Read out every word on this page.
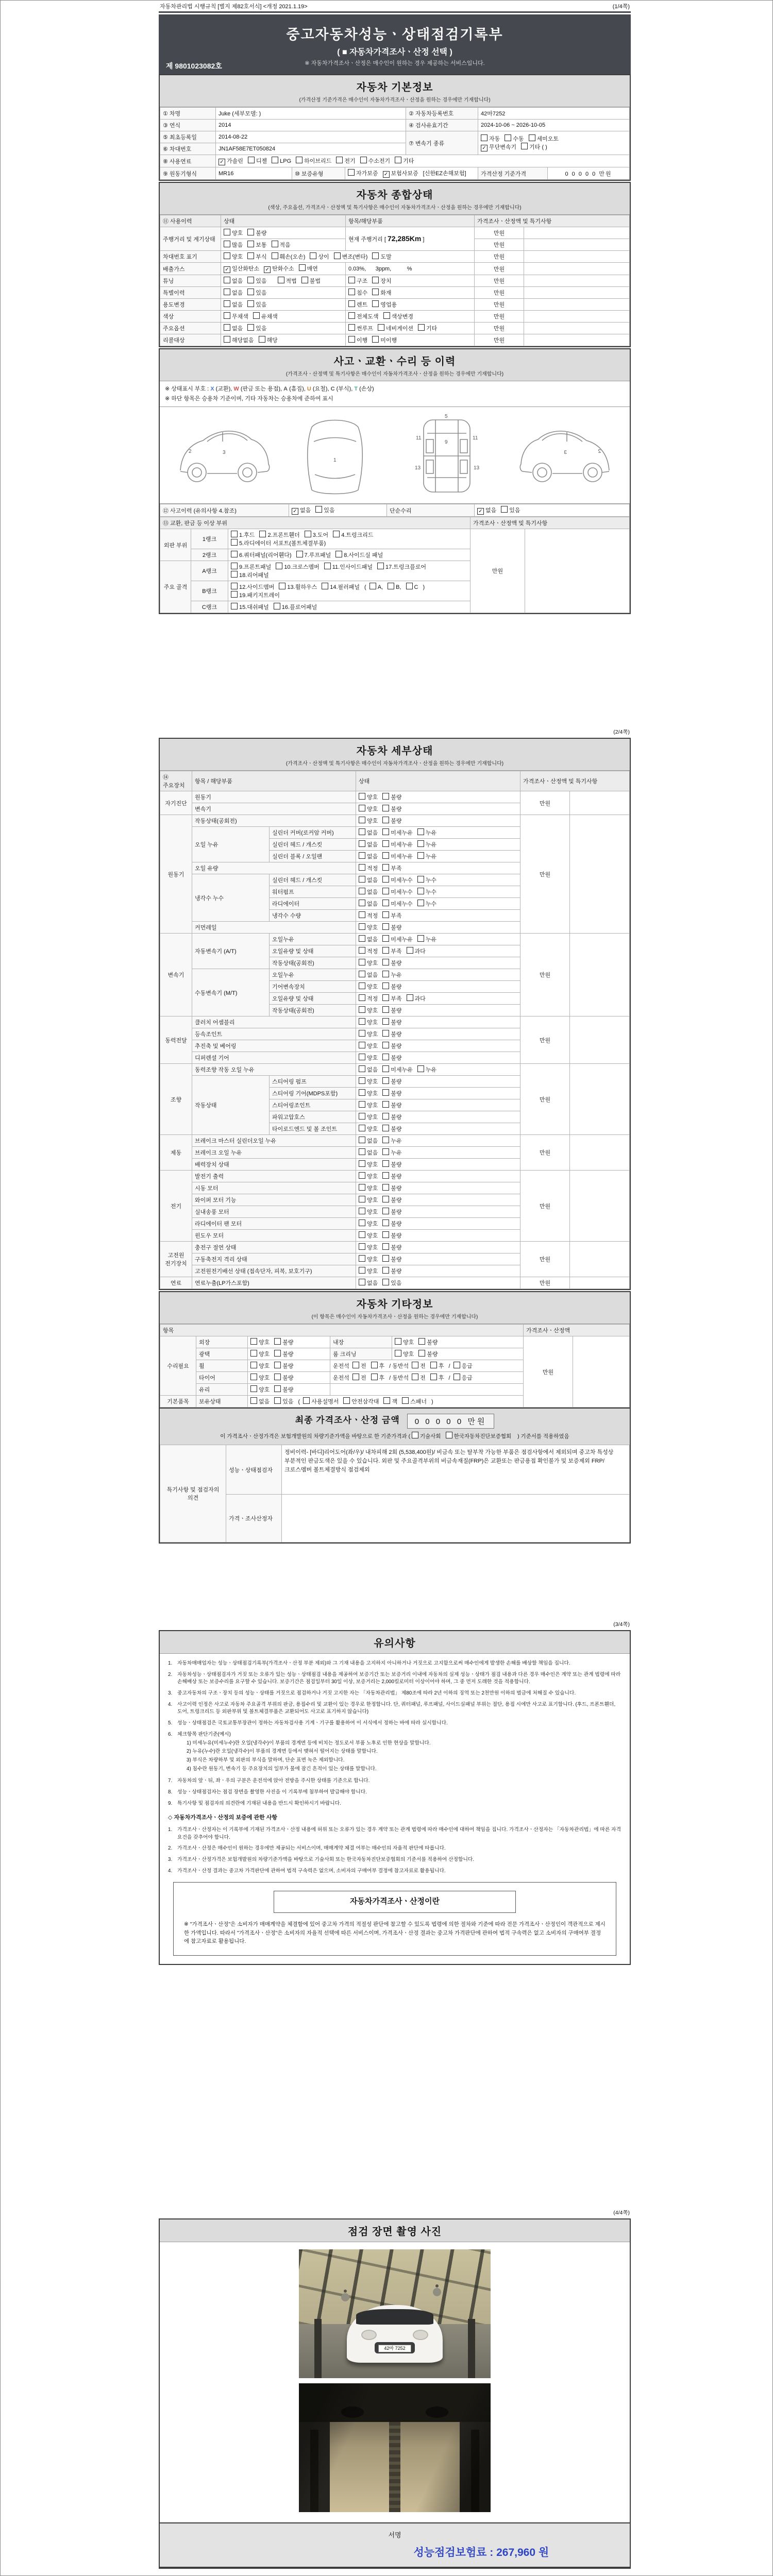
자동차관리법 시행규칙 [별지 제82호서식] <개정 2021.1.19>	(1/4쪽)
중고자동차성능ㆍ상태점검기록부
( ■ 자동차가격조사ㆍ산정 선택 )
※ 자동차가격조사ㆍ산정은 매수인이 원하는 경우 제공하는 서비스입니다.
제 9801023082호
자동차 기본정보
(가격산정 기준가격은 매수인이 자동차가격조사ㆍ산정을 원하는 경우에만 기재합니다)
① 차명	Juke (세부모델: )			② 자동차등록번호	42마7252	
③ 연식	2014			④ 검사유효기간	2024-10-06 ~ 2026-10-05	
⑤ 최초등록일	2014-08-22			⑦ 변속기 종류	자동 수동 세미오토
✓ 무단변속기 기타 ( )	
⑥ 차대번호	JN1AF58E7ET050824					
⑧ 사용연료	✓ 가솔린 디젤 LPG 하이브리드 전기 수소전기 기타					
⑨ 원동기형식	MR16	⑩ 보증유형	자가보증 ✓ 보험사보증 [신한EZ손해보험]		가격산정 기준가격	0 0 0 0 0 만원
자동차 종합상태
(색상, 주요옵션, 가격조사ㆍ산정액 및 특기사항은 매수인이 자동차가격조사ㆍ산정을 원하는 경우에만 기재합니다)
⑪ 사용이력	상태	항목/해당부품	가격조사ㆍ산정액 및 특기사항	
주행거리 및 계기상태	양호 불량	현재 주행거리 [ 72,285Km ]	만원	
	많음 보통 적음		만원	
차대번호 표기	양호 부식 훼손(오손) 상이 변조(변타) 도말		만원	
배출가스	✓ 일산화탄소 ✓ 탄화수소 매연	0.03%,      3ppm,          %	만원	
튜닝	없음 있음 적법 불법	구조 장치	만원	
특별이력	없음 있음	침수 화재	만원	
용도변경	없음 있음	렌트 영업용	만원	
색상	무채색 유채색	전체도색 색상변경	만원	
주요옵션	없음 있음	썬루프 네비게이션 기타	만원	
리콜대상	해당없음 해당	이행 미이행	만원	
사고ㆍ교환ㆍ수리 등 이력
(가격조사ㆍ산정액 및 특기사항은 매수인이 자동차가격조사ㆍ산정을 원하는 경우에만 기재합니다)
※ 상태표시 부호 : X (교환), W (판금 또는 용접), A (흠집), U (요철), C (부식), T (손상)
※ 하단 항목은 승용차 기준이며, 기타 자동차는 승용차에 준하여 표시
2	3
1
5
9
11	11
13	13
2
3
⑫ 사고이력 (유의사항 4.참조)	✓ 없음 있음	단순수리	✓ 없음 있음
⑬ 교환, 판금 등 이상 부위			가격조사ㆍ산정액 및 특기사항	
외판 부위	1랭크	1.후드 2.프론트휀더 3.도어 4.트렁크리드5.라디에이터 서포트(볼트체결부품)	만원	
	2랭크	6.쿼터패널(리어휀다) 7.루프패널 8.사이드실 패널		
주요 골격	A랭크	9.프론트패널 10.크로스멤버 11.인사이드패널 17.트렁크플로어18.리어패널		
	B랭크	12.사이드멤버 13.휠하우스 14.필러패널 ( A, B, C )19.패키지트레이		
	C랭크	15.대쉬패널 16.플로어패널		
(2/4쪽)
자동차 세부상태
(가격조사ㆍ산정액 및 특기사항은 매수인이 자동차가격조사ㆍ산정을 원하는 경우에만 기재합니다)
⑭ 주요장치	항목 / 해당부품		상태	가격조사ㆍ산정액 및 특기사항	
자기진단	원동기		양호 불량	만원	
	변속기		양호 불량		
원동기	작동상태(공회전)		양호 불량	만원	
	오일 누유	실린더 커버(로커암 커버)	없음 미세누유 누유		
		실린더 헤드 / 개스킷	없음 미세누유 누유		
		실린더 블록 / 오일팬	없음 미세누유 누유		
	오일 유량		적정 부족		
	냉각수 누수	실린더 헤드 / 개스킷	없음 미세누수 누수		
		워터펌프	없음 미세누수 누수		
		라디에이터	없음 미세누수 누수		
		냉각수 수량	적정 부족		
	커먼레일		양호 불량		
변속기	자동변속기 (A/T)	오일누유	없음 미세누유 누유	만원	
		오일유량 및 상태	적정 부족 과다		
		작동상태(공회전)	양호 불량		
	수동변속기 (M/T)	오일누유	없음 누유		
		기어변속장치	양호 불량		
		오일유량 및 상태	적정 부족 과다		
		작동상태(공회전)	양호 불량		
동력전달	클러치 어셈블리		양호 불량	만원	
	등속조인트		양호 불량		
	추진축 및 베어링		양호 불량		
	디퍼렌셜 기어		양호 불량		
조향	동력조향 작동 오일 누유		없음 미세누유 누유	만원	
	작동상태	스티어링 펌프	양호 불량		
		스티어링 기어(MDPS포함)	양호 불량		
		스티어링조인트	양호 불량		
		파워고압호스	양호 불량		
		타이로드엔드 및 볼 조인트	양호 불량		
제동	브레이크 마스터 실린더오일 누유		없음 누유	만원	
	브레이크 오일 누유		없음 누유		
	배력장치 상태		양호 불량		
전기	발전기 출력		양호 불량	만원	
	시동 모터		양호 불량		
	와이퍼 모터 기능		양호 불량		
	실내송풍 모터		양호 불량		
	라디에이터 팬 모터		양호 불량		
	윈도우 모터		양호 불량		
고전원 전기장치	충전구 절연 상태		양호 불량	만원	
	구동축전지 격리 상태		양호 불량		
	고전원전기배선 상태 (접속단자, 피복, 보호기구)		양호 불량		
연료	연료누출(LP가스포함)		없음 있음	만원	
자동차 기타정보
(이 항목은 매수인이 자동차가격조사ㆍ산정을 원하는 경우에만 기재합니다)
항목					가격조사ㆍ산정액	
수리필요	외장	양호 불량	내장	양호 불량	만원	
	광택	양호 불량	룸 크리닝	양호 불량		
	휠	양호 불량	운전석 전 후 / 동반석 전 후 / 응급			
	타이어	양호 불량	운전석 전 후 / 동반석 전 후 / 응급			
	유리	양호 불량				
기본품목	보유상태	없음 있음 ( 사용설명서 안전삼각대 잭 스패너 )				
최종 가격조사ㆍ산정 금액 0 0 0 0 0 만원
이 가격조사ㆍ산정가격은 보험개발원의 차량기준가액을 바탕으로 한 기준가격과 ( 기술사회 한국자동차진단보증협회 ) 기준서를 적용하였음
특기사항 및 점검자의 의견	성능ㆍ상태점검자	정비이력- [바디]리어도어(좌/우)/ 내차피해 2회 (5,538,400원)/ 비금속 또는 탈부착 가능한 부품은 점검사항에서 제외되며 중고차 특성상 부분적인 판금도색은 있을 수 있습니다. 외판 및 주요골격부위의 비금속재질(FRP)은 교환또는 판금용접 확인불가 및 보증제외 FRP/크로스멤버 볼트체결방식 점검제외
	가격ㆍ조사산정자	
(3/4쪽)
유의사항
1.	자동차매매업자는 성능ㆍ상태점검기록부(가격조사ㆍ산정 부분 제외)와 그 기재 내용을 고지하지 아니하거나 거짓으로 고지함으로써 매수인에게 발생한 손해를 배상할 책임을 집니다.
2.	자동차성능ㆍ상태점검자가 거짓 또는 오류가 있는 성능ㆍ상태점검 내용을 제공하여 보증기간 또는 보증거리 이내에 자동차의 실제 성능ㆍ상태가 점검 내용과 다른 경우 매수인은 계약 또는 관계 법령에 따라 손해배상 또는 보증수리를 요구할 수 있습니다. 보증기간은 점검일부터 30일 이상, 보증거리는 2,000킬로미터 이상이어야 하며, 그 중 먼저 도래한 것을 적용합니다.
3.	중고자동차의 구조ㆍ장치 등의 성능ㆍ상태를 거짓으로 점검하거나 거짓 고지한 자는 「자동차관리법」 제80조에 따라 2년 이하의 징역 또는 2천만원 이하의 벌금에 처해질 수 있습니다.
4.	사고이력 인정은 사고로 자동차 주요골격 부위의 판금, 용접수리 및 교환이 있는 경우로 한정합니다. 단, 쿼터패널, 루프패널, 사이드실패널 부위는 절단, 용접 시에만 사고로 표기합니다. (후드, 프론트휀더, 도어, 트렁크리드 등 외판부위 및 볼트체결부품은 교환되어도 사고로 표기하지 않습니다)
5.	성능ㆍ상태점검은 국토교통부장관이 정하는 자동차검사용 기계ㆍ기구를 활용하여 이 서식에서 정하는 바에 따라 실시합니다.
6.	체크항목 판단기준(예시)
1) 미세누유(미세누수)란 오일(냉각수)이 부품의 경계면 등에 비치는 정도로서 부품 노후로 인한 현상을 말합니다.
2) 누유(누수)란 오일(냉각수)이 부품의 경계면 등에서 맺혀서 떨어지는 상태를 말합니다.
3) 부식은 차량하부 및 외판의 부식을 말하며, 단순 표면 녹은 제외합니다.
4) 침수란 원동기, 변속기 등 주요장치의 일부가 물에 잠긴 흔적이 있는 상태를 말합니다.
7.	자동차의 앞ㆍ뒤, 좌ㆍ우의 구분은 운전석에 앉아 전방을 주시한 상태를 기준으로 합니다.
8.	성능ㆍ상태점검자는 점검 장면을 촬영한 사진을 이 기록부에 첨부하여 발급해야 합니다.
9.	특기사항 및 점검자의 의견란에 기재된 내용을 반드시 확인하시기 바랍니다.
◇ 자동차가격조사ㆍ산정의 보증에 관한 사항
1.	가격조사ㆍ산정자는 이 기록부에 기재된 가격조사ㆍ산정 내용에 허위 또는 오류가 있는 경우 계약 또는 관계 법령에 따라 매수인에 대하여 책임을 집니다. 가격조사ㆍ산정자는 「자동차관리법」에 따른 자격요건을 갖추어야 합니다.
2.	가격조사ㆍ산정은 매수인이 원하는 경우에만 제공되는 서비스이며, 매매계약 체결 여부는 매수인의 자율적 판단에 따릅니다.
3.	가격조사ㆍ산정가격은 보험개발원의 차량기준가액을 바탕으로 기술사회 또는 한국자동차진단보증협회의 기준서를 적용하여 산정합니다.
4.	가격조사ㆍ산정 결과는 중고차 가격판단에 관하여 법적 구속력은 없으며, 소비자의 구매여부 결정에 참고자료로 활용됩니다.
자동차가격조사ㆍ산정이란
※ "가격조사ㆍ산정"은 소비자가 매매계약을 체결함에 있어 중고차 가격의 적절성 판단에 참고할 수 있도록 법령에 의한 절차와 기준에 따라 전문 가격조사ㆍ산정인이 객관적으로 제시한 가액입니다. 따라서 "가격조사ㆍ산정"은 소비자의 자율적 선택에 따른 서비스이며, 가격조사ㆍ산정 결과는 중고차 가격판단에 관하여 법적 구속력은 없고 소비자의 구매여부 결정에 참고자료로 활용됩니다.
(4/4쪽)
점검 장면 촬영 사진
42마 7252
서명
성능점검보험료 : 267,960 원
